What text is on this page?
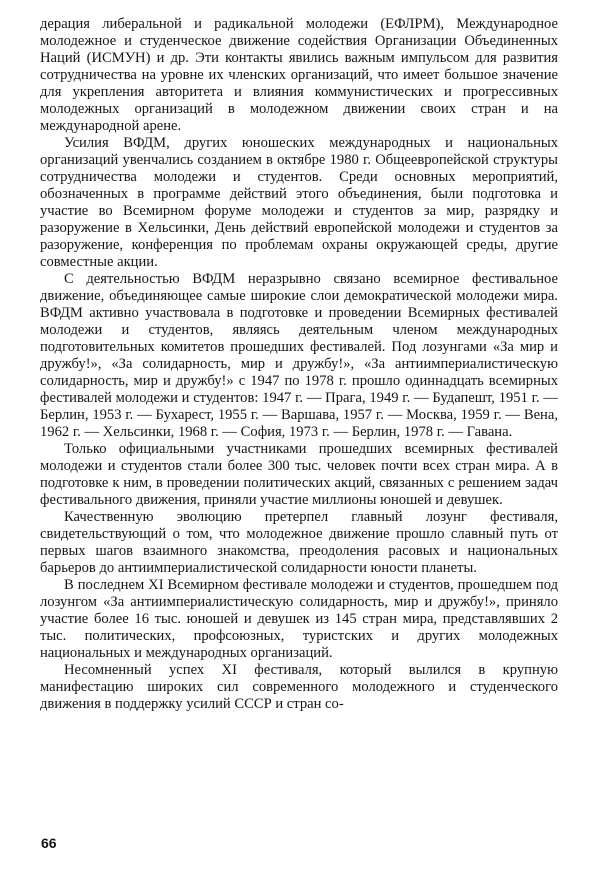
дерация либеральной и радикальной молодежи (ЕФЛРМ), Международное молодежное и студенческое движение содействия Организации Объединенных Наций (ИСМУН) и др. Эти контакты явились важным импульсом для развития сотрудничества на уровне их членских организаций, что имеет большое значение для укрепления авторитета и влияния коммунистических и прогрессивных молодежных организаций в молодежном движении своих стран и на международной арене.

Усилия ВФДМ, других юношеских международных и национальных организаций увенчались созданием в октябре 1980 г. Общеевропейской структуры сотрудничества молодежи и студентов. Среди основных мероприятий, обозначенных в программе действий этого объединения, были подготовка и участие во Всемирном форуме молодежи и студентов за мир, разрядку и разоружение в Хельсинки, День действий европейской молодежи и студентов за разоружение, конференция по проблемам охраны окружающей среды, другие совместные акции.

С деятельностью ВФДМ неразрывно связано всемирное фестивальное движение, объединяющее самые широкие слои демократической молодежи мира. ВФДМ активно участвовала в подготовке и проведении Всемирных фестивалей молодежи и студентов, являясь деятельным членом международных подготовительных комитетов прошедших фестивалей. Под лозунгами «За мир и дружбу!», «За солидарность, мир и дружбу!», «За антиимпериалистическую солидарность, мир и дружбу!» с 1947 по 1978 г. прошло одиннадцать всемирных фестивалей молодежи и студентов: 1947 г. — Прага, 1949 г. — Будапешт, 1951 г. — Берлин, 1953 г. — Бухарест, 1955 г. — Варшава, 1957 г. — Москва, 1959 г. — Вена, 1962 г. — Хельсинки, 1968 г. — София, 1973 г. — Берлин, 1978 г. — Гавана.

Только официальными участниками прошедших всемирных фестивалей молодежи и студентов стали более 300 тыс. человек почти всех стран мира. А в подготовке к ним, в проведении политических акций, связанных с решением задач фестивального движения, приняли участие миллионы юношей и девушек.

Качественную эволюцию претерпел главный лозунг фестиваля, свидетельствующий о том, что молодежное движение прошло славный путь от первых шагов взаимного знакомства, преодоления расовых и национальных барьеров до антиимпериалистической солидарности юности планеты.

В последнем XI Всемирном фестивале молодежи и студентов, прошедшем под лозунгом «За антиимпериалистическую солидарность, мир и дружбу!», приняло участие более 16 тыс. юношей и девушек из 145 стран мира, представлявших 2 тыс. политических, профсоюзных, туристских и других молодежных национальных и международных организаций.

Несомненный успех XI фестиваля, который вылился в крупную манифестацию широких сил современного молодежного и студенческого движения в поддержку усилий СССР и стран со-

66
